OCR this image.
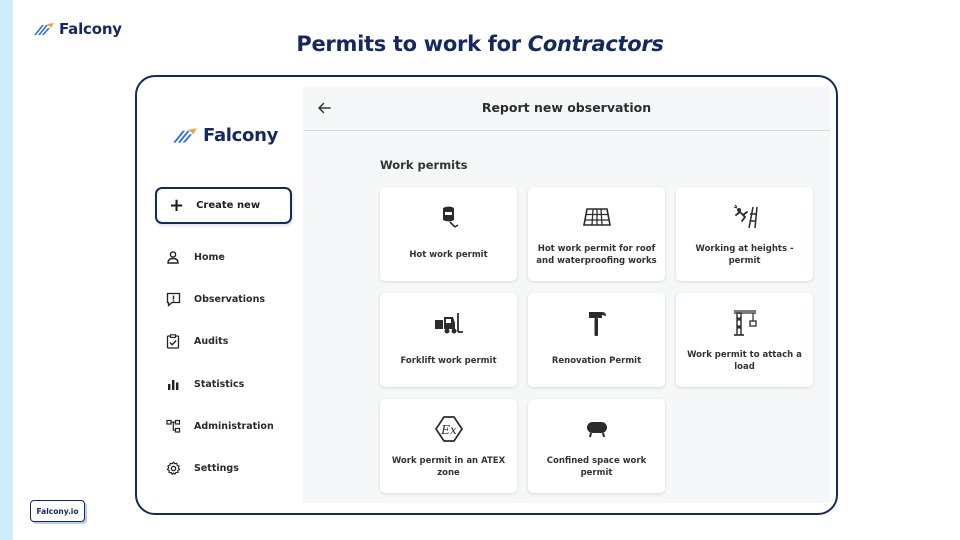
Falcony
Permits to work for Contractors
Falcony
+ Create new
Home
Observations
Audits
Statistics
Administration
Settings
Report new observation
Work permits
Hot work permit
Hot work permit for roof and waterproofing works
Working at heights - permit
Forklift work permit	Renovation Permit
Work permit to attach a load
Ex
Work permit in an ATEX zone
Confined space work permit
Falcony.io
